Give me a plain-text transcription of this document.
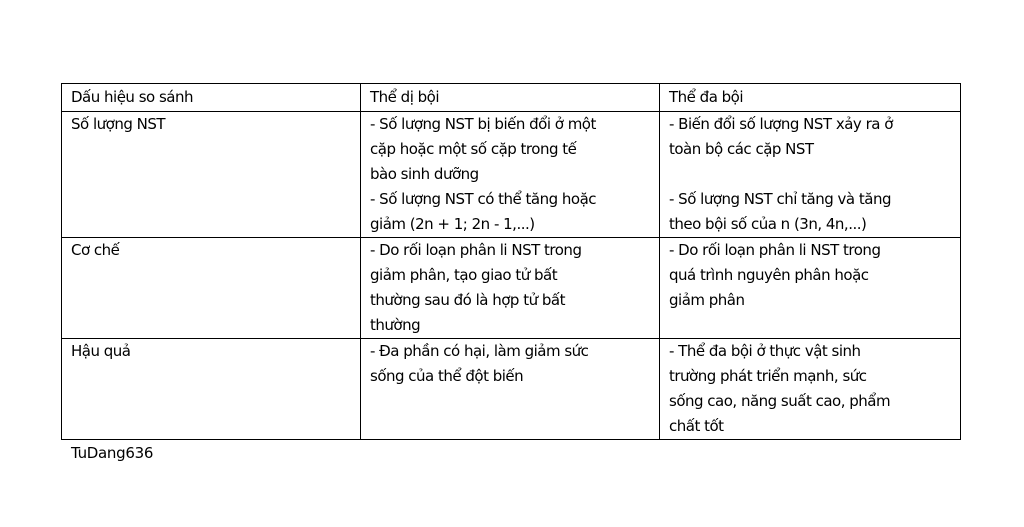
Dấu hiệu so sánh	Thể dị bội	Thể đa bội
Số lượng NST	- Số lượng NST bị biến đổi ở một
cặp hoặc một số cặp trong tế
bào sinh dưỡng
- Số lượng NST có thể tăng hoặc
giảm (2n + 1; 2n - 1,...)	- Biến đổi số lượng NST xảy ra ở
toàn bộ các cặp NST

- Số lượng NST chỉ tăng và tăng
theo bội số của n (3n, 4n,...)
Cơ chế	- Do rối loạn phân li NST trong
giảm phân, tạo giao tử bất
thường sau đó là hợp tử bất
thường	- Do rối loạn phân li NST trong
quá trình nguyên phân hoặc
giảm phân
Hậu quả	- Đa phần có hại, làm giảm sức
sống của thể đột biến	- Thể đa bội ở thực vật sinh
trường phát triển mạnh, sức
sống cao, năng suất cao, phẩm
chất tốt
TuDang636
